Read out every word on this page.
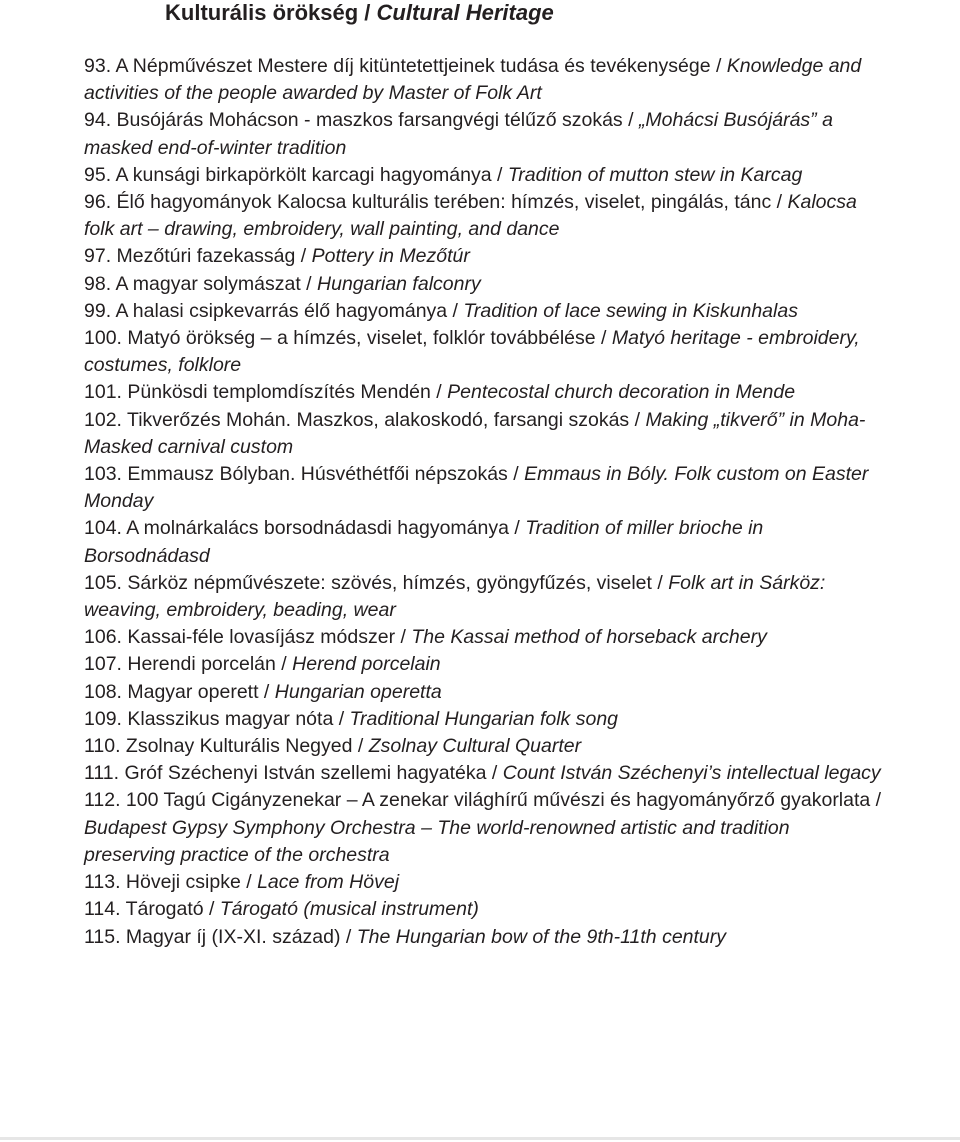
Kulturális örökség / Cultural Heritage
93. A Népművészet Mestere díj kitüntetettjeinek tudása és tevékenysége / Knowledge and activities of the people awarded by Master of Folk Art
94. Busójárás Mohácson - maszkos farsangvégi télűző szokás / „Mohácsi Busójárás” a masked end-of-winter tradition
95. A kunsági birkapörkölt karcagi hagyománya / Tradition of mutton stew in Karcag
96. Élő hagyományok Kalocsa kulturális terében: hímzés, viselet, pingálás, tánc / Kalocsa folk art – drawing, embroidery, wall painting, and dance
97. Mezőtúri fazekasság / Pottery in Mezőtúr
98. A magyar solymászat / Hungarian falconry
99. A halasi csipkevarrás élő hagyománya / Tradition of lace sewing in Kiskunhalas
100. Matyó örökség – a hímzés, viselet, folklór továbbélése / Matyó heritage - embroidery, costumes, folklore
101. Pünkösdi templomdíszítés Mendén / Pentecostal church decoration in Mende
102. Tikverőzés Mohán. Maszkos, alakoskodó, farsangi szokás / Making „tikverő” in Moha- Masked carnival custom
103. Emmausz Bólyban. Húsvéthétfői népszokás / Emmaus in Bóly. Folk custom on Easter Monday
104. A molnárkalács borsodnádasdi hagyománya / Tradition of miller brioche in Borsodnádasd
105. Sárköz népművészete: szövés, hímzés, gyöngyfűzés, viselet / Folk art in Sárköz: weaving, embroidery, beading, wear
106. Kassai-féle lovasíjász módszer / The Kassai method of horseback archery
107. Herendi porcelán / Herend porcelain
108. Magyar operett / Hungarian operetta
109. Klasszikus magyar nóta / Traditional Hungarian folk song
110. Zsolnay Kulturális Negyed / Zsolnay Cultural Quarter
111. Gróf Széchenyi István szellemi hagyatéka / Count István Széchenyi’s intellectual legacy
112. 100 Tagú Cigányzenekar – A zenekar világhírű művészi és hagyományőrző gyakorlata / Budapest Gypsy Symphony Orchestra – The world-renowned artistic and tradition preserving practice of the orchestra
113. Höveji csipke / Lace from Hövej
114. Tárogató / Tárogató (musical instrument)
115. Magyar íj (IX-XI. század) / The Hungarian bow of the 9th-11th century
